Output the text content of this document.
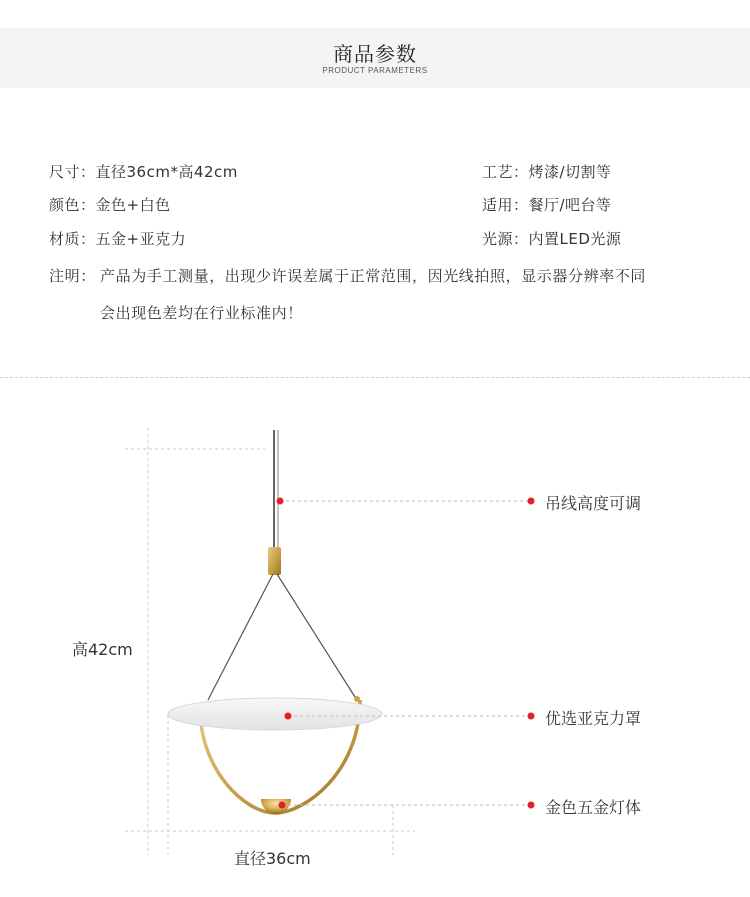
商品参数
PRODUCT PARAMETERS
尺寸：直径36cm*高42cm
颜色：金色+白色
材质：五金+亚克力
工艺：烤漆/切割等
适用：餐厅/吧台等
光源：内置LED光源
注明： 产品为手工测量，出现少许误差属于正常范围，因光线拍照，显示器分辨率不同
会出现色差均在行业标准内！
高42cm
直径36cm
吊线高度可调
优选亚克力罩
金色五金灯体
